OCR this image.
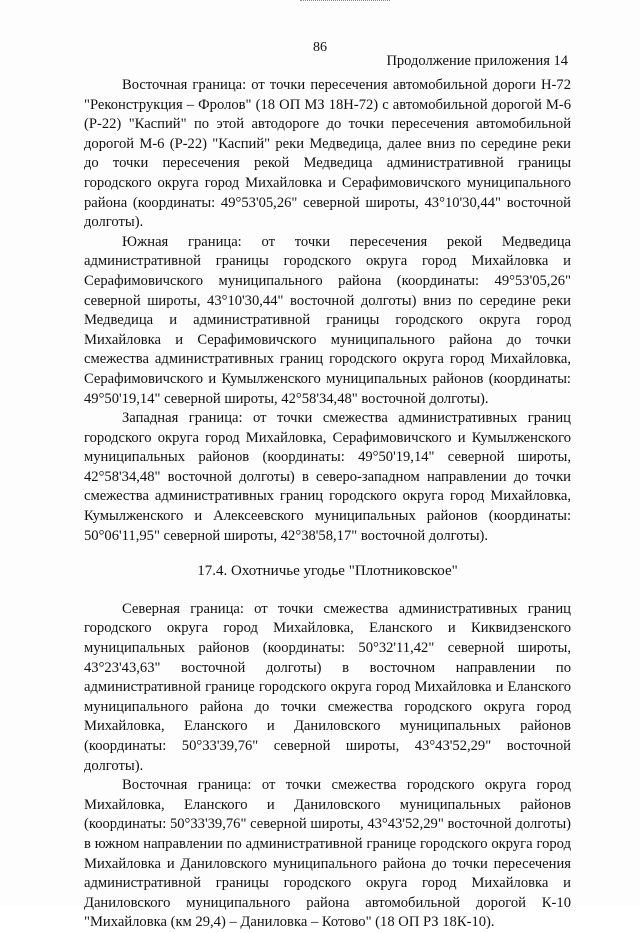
86
Продолжение приложения 14

Восточная граница: от точки пересечения автомобильной дороги Н-72 "Реконструкция – Фролов" (18 ОП МЗ 18Н-72) с автомобильной дорогой М-6 (Р-22) "Каспий" по этой автодороге до точки пересечения автомобильной дорогой М-6 (Р-22) "Каспий" реки Медведица, далее вниз по середине реки до точки пересечения рекой Медведица административной границы городского округа город Михайловка и Серафимовичского муниципального района (координаты: 49°53'05,26" северной широты, 43°10'30,44" восточной долготы).

Южная граница: от точки пересечения рекой Медведица административной границы городского округа город Михайловка и Серафимовичского муниципального района (координаты: 49°53'05,26" северной широты, 43°10'30,44" восточной долготы) вниз по середине реки Медведица и административной границы городского округа город Михайловка и Серафимовичского муниципального района до точки смежества административных границ городского округа город Михайловка, Серафимовичского и Кумылженского муниципальных районов (координаты: 49°50'19,14" северной широты, 42°58'34,48" восточной долготы).

Западная граница: от точки смежества административных границ городского округа город Михайловка, Серафимовичского и Кумылженского муниципальных районов (координаты: 49°50'19,14" северной широты, 42°58'34,48" восточной долготы) в северо-западном направлении до точки смежества административных границ городского округа город Михайловка, Кумылженского и Алексеевского муниципальных районов (координаты: 50°06'11,95" северной широты, 42°38'58,17" восточной долготы).

17.4. Охотничье угодье "Плотниковское"

Северная граница: от точки смежества административных границ городского округа город Михайловка, Еланского и Киквидзенского муниципальных районов (координаты: 50°32'11,42" северной широты, 43°23'43,63" восточной долготы) в восточном направлении по административной границе городского округа город Михайловка и Еланского муниципального района до точки смежества городского округа город Михайловка, Еланского и Даниловского муниципальных районов (координаты: 50°33'39,76" северной широты, 43°43'52,29" восточной долготы).

Восточная граница: от точки смежества городского округа город Михайловка, Еланского и Даниловского муниципальных районов (координаты: 50°33'39,76" северной широты, 43°43'52,29" восточной долготы) в южном направлении по административной границе городского округа город Михайловка и Даниловского муниципального района до точки пересечения административной границы городского округа город Михайловка и Даниловского муниципального района автомобильной дорогой К-10 "Михайловка (км 29,4) – Даниловка – Котово" (18 ОП РЗ 18К-10).
